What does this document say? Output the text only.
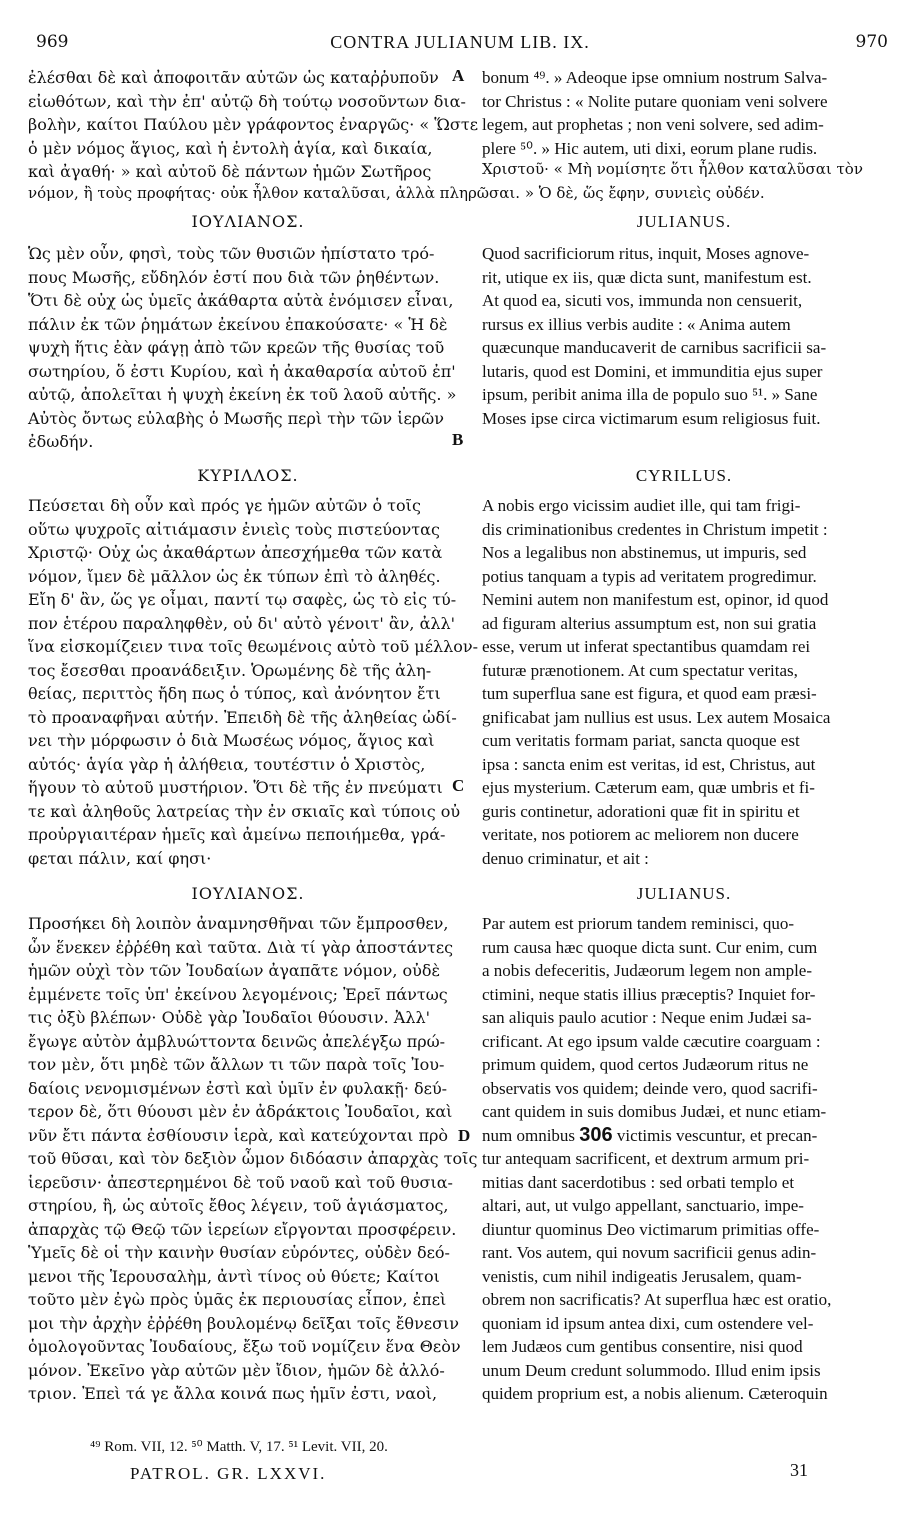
969	CONTRA JULIANUM LIB. IX.	970
ἐλέσθαι δὲ καὶ ἀποφοιτᾶν αὐτῶν ὡς καταῤῥυποῦν
εἰωθότων, καὶ τὴν ἐπ' αὐτῷ δὴ τούτῳ νοσοῦντων δια-
βολὴν, καίτοι Παύλου μὲν γράφοντος ἐναργῶς· « Ὥστε
ὁ μὲν νόμος ἅγιος, καὶ ἡ ἐντολὴ ἁγία, καὶ δικαία,
καὶ ἀγαθή· » καὶ αὐτοῦ δὲ πάντων ἡμῶν Σωτῆρος
bonum ⁴⁹. » Adeoque ipse omnium nostrum Salva-
tor Christus : « Nolite putare quoniam veni solvere
legem, aut prophetas ; non veni solvere, sed adim-
plere ⁵⁰. » Hic autem, uti dixi, eorum plane rudis.
A
Χριστοῦ· « Μὴ νομίσητε ὅτι ἦλθον καταλῦσαι τὸν
νόμον, ἢ τοὺς προφήτας· οὐκ ἦλθον καταλῦσαι, ἀλλὰ πληρῶσαι. » Ὁ δὲ, ὥς ἔφην, συνιεὶς οὐδέν.
ΙΟΥΛΙΑΝΟΣ.	JULIANUS.
Ὡς μὲν οὖν, φησὶ, τοὺς τῶν θυσιῶν ἠπίστατο τρό-
πους Μωσῆς, εὔδηλόν ἐστί που διὰ τῶν ῥηθέντων.
Ὅτι δὲ οὐχ ὡς ὑμεῖς ἀκάθαρτα αὐτὰ ἐνόμισεν εἶναι,
πάλιν ἐκ τῶν ῥημάτων ἐκείνου ἐπακούσατε· « Ἡ δὲ
ψυχὴ ἥτις ἐὰν φάγῃ ἀπὸ τῶν κρεῶν τῆς θυσίας τοῦ
σωτηρίου, ὅ ἐστι Κυρίου, καὶ ἡ ἀκαθαρσία αὐτοῦ ἐπ'
αὐτῷ, ἀπολεῖται ἡ ψυχὴ ἐκείνη ἐκ τοῦ λαοῦ αὐτῆς. »
Αὐτὸς ὄντως εὐλαβὴς ὁ Μωσῆς περὶ τὴν τῶν ἱερῶν
ἐδωδήν.
Quod sacrificiorum ritus, inquit, Moses agnove-
rit, utique ex iis, quæ dicta sunt, manifestum est.
At quod ea, sicuti vos, immunda non censuerit,
rursus ex illius verbis audite : « Anima autem
quæcunque manducaverit de carnibus sacrificii sa-
lutaris, quod est Domini, et immunditia ejus super
ipsum, peribit anima illa de populo suo ⁵¹. » Sane
Moses ipse circa victimarum esum religiosus fuit.
B
ΚΥΡΙΛΛΟΣ.	CYRILLUS.
Πεύσεται δὴ οὖν καὶ πρός γε ἡμῶν αὐτῶν ὁ τοῖς
οὕτω ψυχροῖς αἰτιάμασιν ἐνιεὶς τοὺς πιστεύοντας
Χριστῷ· Οὐχ ὡς ἀκαθάρτων ἀπεσχήμεθα τῶν κατὰ
νόμον, ἴμεν δὲ μᾶλλον ὡς ἐκ τύπων ἐπὶ τὸ ἀληθές.
Εἴη δ' ἂν, ὥς γε οἶμαι, παντί τῳ σαφὲς, ὡς τὸ εἰς τύ-
πον ἑτέρου παραληφθὲν, οὐ δι' αὐτὸ γένοιτ' ἂν, ἀλλ'
ἵνα εἰσκομίζειεν τινα τοῖς θεωμένοις αὐτὸ τοῦ μέλλον-
τος ἔσεσθαι προανάδειξιν. Ὁρωμένης δὲ τῆς ἀλη-
θείας, περιττὸς ἤδη πως ὁ τύπος, καὶ ἀνόνητον ἔτι
τὸ προαναφῆναι αὐτήν. Ἐπειδὴ δὲ τῆς ἀληθείας ὠδί-
νει τὴν μόρφωσιν ὁ διὰ Μωσέως νόμος, ἅγιος καὶ
αὐτός· ἁγία γὰρ ἡ ἀλήθεια, τουτέστιν ὁ Χριστὸς,
ἥγουν τὸ αὐτοῦ μυστήριον. Ὅτι δὲ τῆς ἐν πνεύματι
τε καὶ ἀληθοῦς λατρείας τὴν ἐν σκιαῖς καὶ τύποις οὐ
προὐργιαιτέραν ἡμεῖς καὶ ἀμείνω πεποιήμεθα, γρά-
φεται πάλιν, καί φησι·
A nobis ergo vicissim audiet ille, qui tam frigi-
dis criminationibus credentes in Christum impetit :
Nos a legalibus non abstinemus, ut impuris, sed
potius tanquam a typis ad veritatem progredimur.
Nemini autem non manifestum est, opinor, id quod
ad figuram alterius assumptum est, non sui gratia
esse, verum ut inferat spectantibus quamdam rei
futuræ prænotionem. At cum spectatur veritas,
tum superflua sane est figura, et quod eam præsi-
gnificabat jam nullius est usus. Lex autem Mosaica
cum veritatis formam pariat, sancta quoque est
ipsa : sancta enim est veritas, id est, Christus, aut
ejus mysterium. Cæterum eam, quæ umbris et fi-
guris continetur, adorationi quæ fit in spiritu et
veritate, nos potiorem ac meliorem non ducere
denuo criminatur, et ait :
C
ΙΟΥΛΙΑΝΟΣ.	JULIANUS.
Προσήκει δὴ λοιπὸν ἀναμνησθῆναι τῶν ἔμπροσθεν,
ὧν ἕνεκεν ἐῤῥέθη καὶ ταῦτα. Διὰ τί γὰρ ἀποστάντες
ἡμῶν οὐχὶ τὸν τῶν Ἰουδαίων ἀγαπᾶτε νόμον, οὐδὲ
ἐμμένετε τοῖς ὑπ' ἐκείνου λεγομένοις; Ἐρεῖ πάντως
τις ὀξὺ βλέπων· Οὐδὲ γὰρ Ἰουδαῖοι θύουσιν. Ἀλλ'
ἔγωγε αὐτὸν ἀμβλυώττοντα δεινῶς ἀπελέγξω πρώ-
τον μὲν, ὅτι μηδὲ τῶν ἄλλων τι τῶν παρὰ τοῖς Ἰου-
δαίοις νενομισμένων ἐστὶ καὶ ὑμῖν ἐν φυλακῇ· δεύ-
τερον δὲ, ὅτι θύουσι μὲν ἐν ἀδράκτοις Ἰουδαῖοι, καὶ
νῦν ἔτι πάντα ἐσθίουσιν ἱερὰ, καὶ κατεύχονται πρὸ
τοῦ θῦσαι, καὶ τὸν δεξιὸν ὦμον διδόασιν ἀπαρχὰς τοῖς
ἱερεῦσιν· ἀπεστερημένοι δὲ τοῦ ναοῦ καὶ τοῦ θυσια-
στηρίου, ἢ, ὡς αὐτοῖς ἔθος λέγειν, τοῦ ἁγιάσματος,
ἀπαρχὰς τῷ Θεῷ τῶν ἱερείων εἴργονται προσφέρειν.
Ὑμεῖς δὲ οἱ τὴν καινὴν θυσίαν εὑρόντες, οὐδὲν δεό-
μενοι τῆς Ἱερουσαλὴμ, ἀντὶ τίνος οὐ θύετε; Καίτοι
τοῦτο μὲν ἐγὼ πρὸς ὑμᾶς ἐκ περιουσίας εἶπον, ἐπεὶ
μοι τὴν ἀρχὴν ἐῤῥέθη βουλομένῳ δεῖξαι τοῖς ἔθνεσιν
ὁμολογοῦντας Ἰουδαίους, ἔξω τοῦ νομίζειν ἕνα Θεὸν
μόνον. Ἐκεῖνο γὰρ αὐτῶν μὲν ἴδιον, ἡμῶν δὲ ἀλλό-
τριον. Ἐπεὶ τά γε ἄλλα κοινά πως ἡμῖν ἐστι, ναοὶ,
Par autem est priorum tandem reminisci, quo-
rum causa hæc quoque dicta sunt. Cur enim, cum
a nobis defeceritis, Judæorum legem non ample-
ctimini, neque statis illius præceptis? Inquiet for-
san aliquis paulo acutior : Neque enim Judæi sa-
crificant. At ego ipsum valde cæcutire coarguam :
primum quidem, quod certos Judæorum ritus ne
observatis vos quidem; deinde vero, quod sacrifi-
cant quidem in suis domibus Judæi, et nunc etiam-
num omnibus 306 victimis vescuntur, et precan-
tur antequam sacrificent, et dextrum armum pri-
mitias dant sacerdotibus : sed orbati templo et
altari, aut, ut vulgo appellant, sanctuario, impe-
diuntur quominus Deo victimarum primitias offe-
rant. Vos autem, qui novum sacrificii genus adin-
venistis, cum nihil indigeatis Jerusalem, quam-
obrem non sacrificatis? At superflua hæc est oratio,
quoniam id ipsum antea dixi, cum ostendere vel-
lem Judæos cum gentibus consentire, nisi quod
unum Deum credunt solummodo. Illud enim ipsis
quidem proprium est, a nobis alienum. Cæteroquin
D
⁴⁹ Rom. VII, 12. ⁵⁰ Matth. V, 17. ⁵¹ Levit. VII, 20.
PATROL. GR. LXXVI.	31
